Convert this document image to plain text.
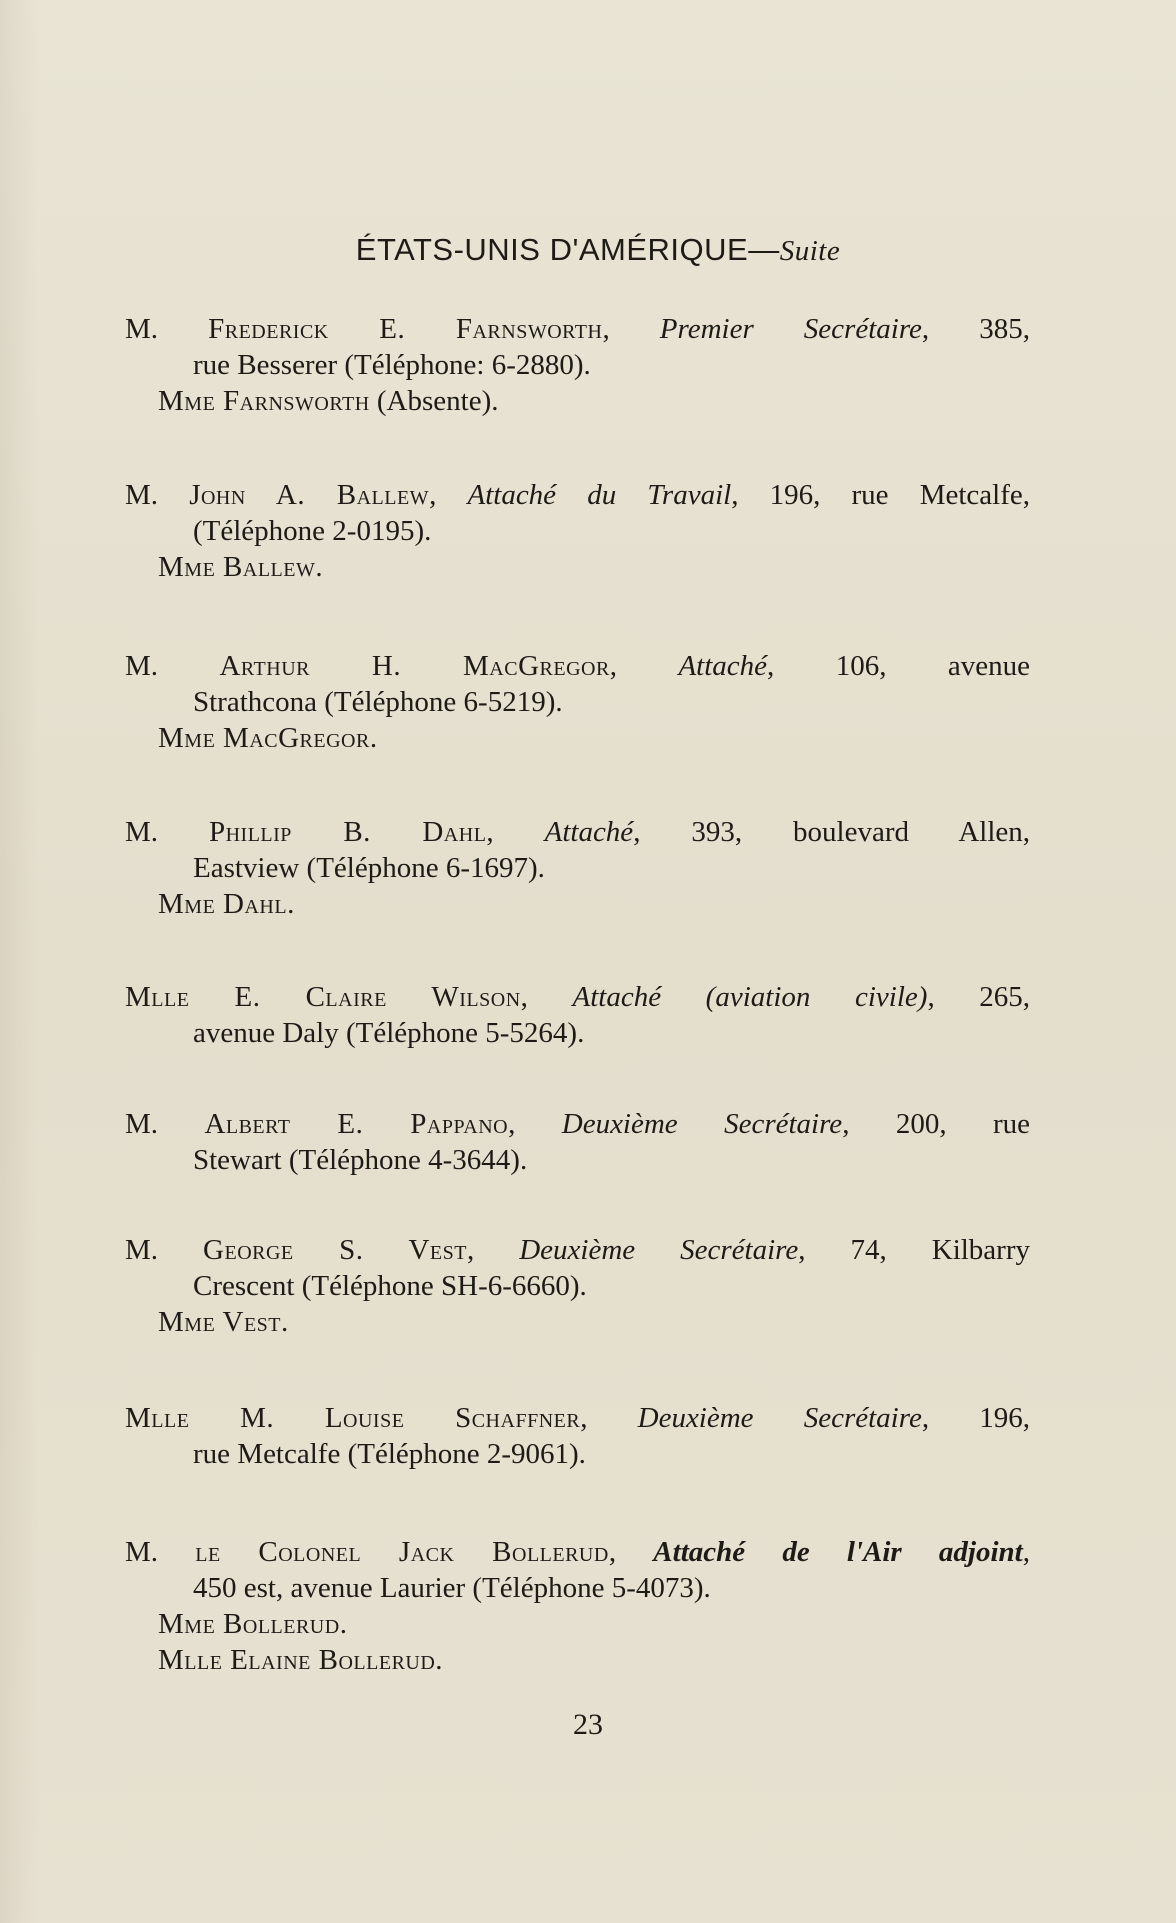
ÉTATS-UNIS D'AMÉRIQUE—Suite
M. Frederick E. Farnsworth, Premier Secrétaire, 385,
rue Besserer (Téléphone: 6-2880).
Mme Farnsworth (Absente).
M. John A. Ballew, Attaché du Travail, 196, rue Metcalfe,
(Téléphone 2-0195).
Mme Ballew.
M. Arthur H. MacGregor, Attaché, 106, avenue
Strathcona (Téléphone 6-5219).
Mme MacGregor.
M. Phillip B. Dahl, Attaché, 393, boulevard Allen,
Eastview (Téléphone 6-1697).
Mme Dahl.
Mlle E. Claire Wilson, Attaché (aviation civile), 265,
avenue Daly (Téléphone 5-5264).
M. Albert E. Pappano, Deuxième Secrétaire, 200, rue
Stewart (Téléphone 4-3644).
M. George S. Vest, Deuxième Secrétaire, 74, Kilbarry
Crescent (Téléphone SH-6-6660).
Mme Vest.
Mlle M. Louise Schaffner, Deuxième Secrétaire, 196,
rue Metcalfe (Téléphone 2-9061).
M. le Colonel Jack Bollerud, Attaché de l'Air adjoint,
450 est, avenue Laurier (Téléphone 5-4073).
Mme Bollerud.
Mlle Elaine Bollerud.
23
